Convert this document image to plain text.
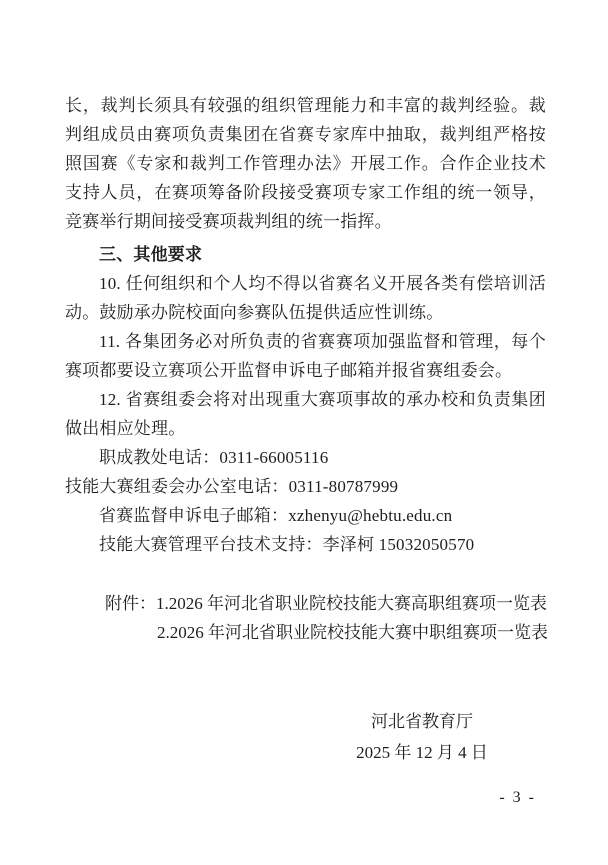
长，裁判长须具有较强的组织管理能力和丰富的裁判经验。裁判组成员由赛项负责集团在省赛专家库中抽取，裁判组严格按照国赛《专家和裁判工作管理办法》开展工作。合作企业技术支持人员，在赛项筹备阶段接受赛项专家工作组的统一领导，竞赛举行期间接受赛项裁判组的统一指挥。

三、其他要求

10. 任何组织和个人均不得以省赛名义开展各类有偿培训活动。鼓励承办院校面向参赛队伍提供适应性训练。

11. 各集团务必对所负责的省赛赛项加强监督和管理，每个赛项都要设立赛项公开监督申诉电子邮箱并报省赛组委会。

12. 省赛组委会将对出现重大赛项事故的承办校和负责集团做出相应处理。

职成教处电话：0311-66005116

技能大赛组委会办公室电话：0311-80787999

省赛监督申诉电子邮箱：xzhenyu@hebtu.edu.cn

技能大赛管理平台技术支持：李泽柯 15032050570

附件：1.2026 年河北省职业院校技能大赛高职组赛项一览表

2.2026 年河北省职业院校技能大赛中职组赛项一览表

河北省教育厅
2025 年 12 月 4 日
- 3 -
